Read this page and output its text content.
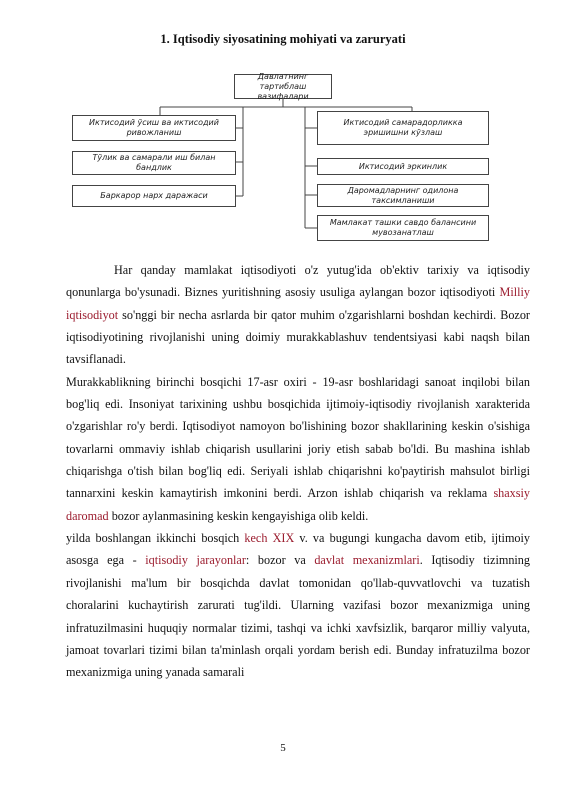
1. Iqtisodiy siyosatining mohiyati va zaruryati
Давлатнинг тартиблаш
вазифалари
Иктисодий ўсиш ва иктисодий
ривожланиш
Тўлик ва самарали иш билан
бандлик
Баркарор нарх даражаси
Иктисодий самарадорликка
эришишни кўзлаш
Иктисодий эркинлик
Даромадларнинг одилона
таксимланиши
Мамлакат ташки савдо балансини
мувозанатлаш

Har qanday mamlakat iqtisodiyoti o'z yutug'ida ob'ektiv tarixiy va iqtisodiy qonunlarga bo'ysunadi. Biznes yuritishning asosiy usuliga aylangan bozor iqtisodiyoti Milliy iqtisodiyot so'nggi bir necha asrlarda bir qator muhim o'zgarishlarni boshdan kechirdi. Bozor iqtisodiyotining rivojlanishi uning doimiy murakkablashuv tendentsiyasi kabi naqsh bilan tavsiflanadi.

Murakkablikning birinchi bosqichi 17-asr oxiri - 19-asr boshlaridagi sanoat inqilobi bilan bog'liq edi. Insoniyat tarixining ushbu bosqichida ijtimoiy-iqtisodiy rivojlanish xarakterida o'zgarishlar ro'y berdi. Iqtisodiyot namoyon bo'lishining bozor shakllarining keskin o'sishiga tovarlarni ommaviy ishlab chiqarish usullarini joriy etish sabab bo'ldi. Bu mashina ishlab chiqarishga o'tish bilan bog'liq edi. Seriyali ishlab chiqarishni ko'paytirish mahsulot birligi tannarxini keskin kamaytirish imkonini berdi. Arzon ishlab chiqarish va reklama shaxsiy daromad bozor aylanmasining keskin kengayishiga olib keldi.

yilda boshlangan ikkinchi bosqich kech XIX v. va bugungi kungacha davom etib, ijtimoiy asosga ega - iqtisodiy jarayonlar: bozor va davlat mexanizmlari. Iqtisodiy tizimning rivojlanishi ma'lum bir bosqichda davlat tomonidan qo'llab-quvvatlovchi va tuzatish choralarini kuchaytirish zarurati tug'ildi. Ularning vazifasi bozor mexanizmiga uning infratuzilmasini huquqiy normalar tizimi, tashqi va ichki xavfsizlik, barqaror milliy valyuta, jamoat tovarlari tizimi bilan ta'minlash orqali yordam berish edi. Bunday infratuzilma bozor mexanizmiga uning yanada samarali

5
